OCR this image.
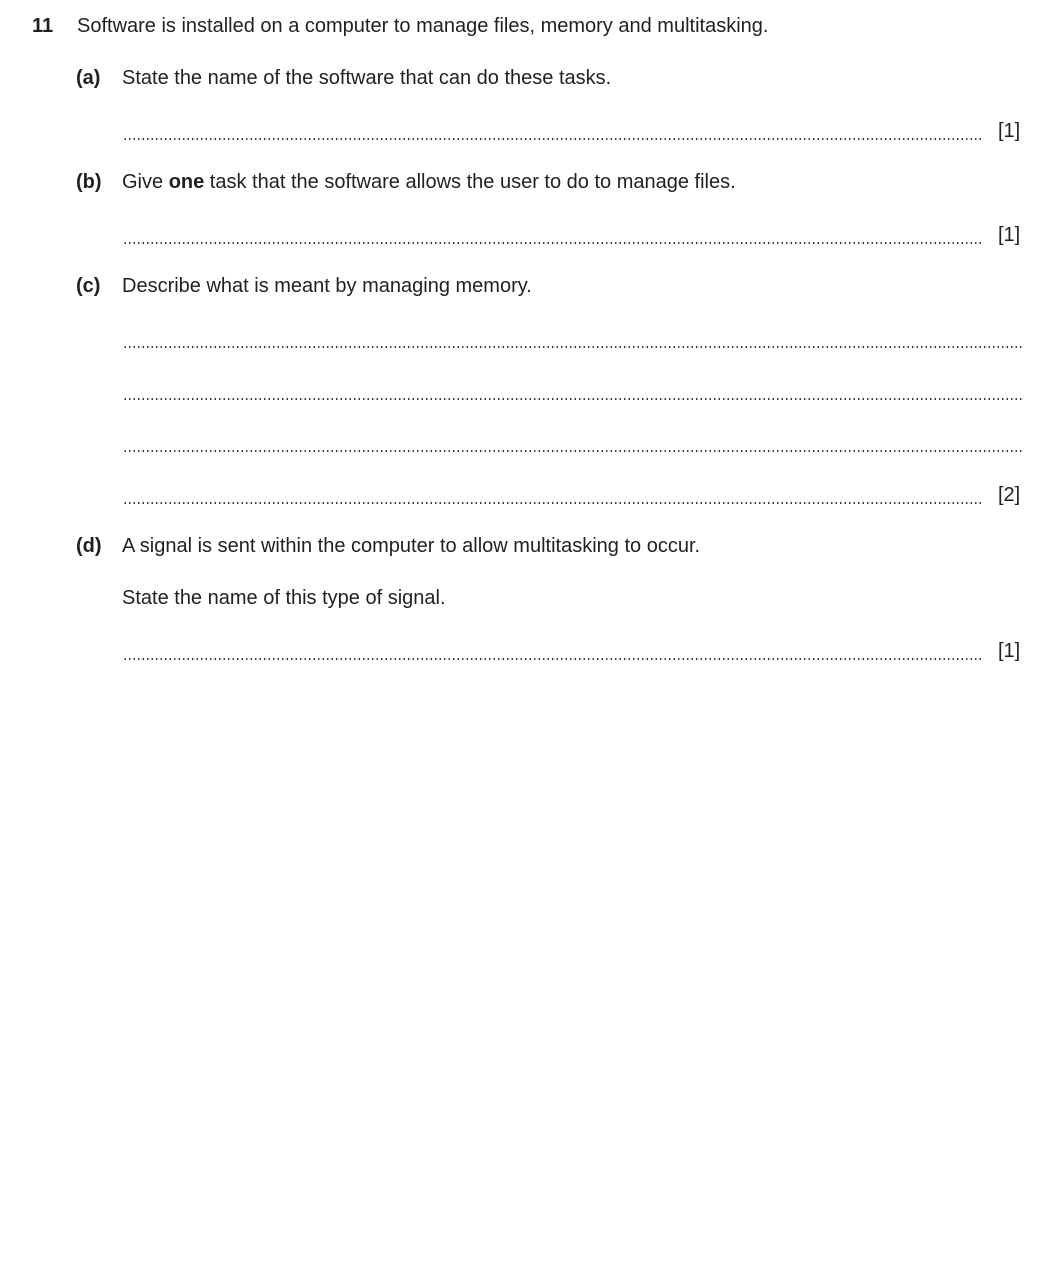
11 Software is installed on a computer to manage files, memory and multitasking.
(a) State the name of the software that can do these tasks.
[1]
(b) Give one task that the software allows the user to do to manage files.
[1]
(c) Describe what is meant by managing memory.
[2]
(d) A signal is sent within the computer to allow multitasking to occur.
State the name of this type of signal.
[1]
